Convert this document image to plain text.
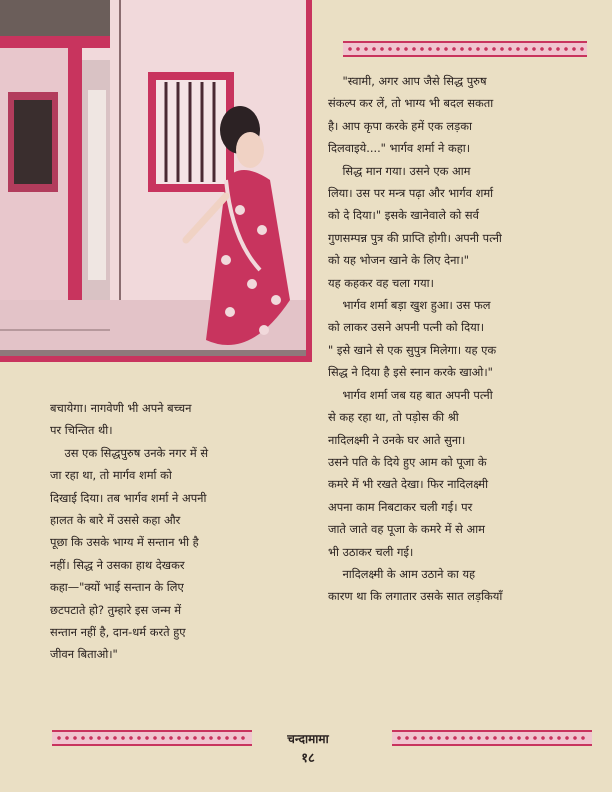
बचायेगा। नागवेणी भी अपने बच्चन

पर चिन्तित थी।

उस एक सिद्धपुरुष उनके नगर में से

जा रहा था, तो मार्गव शर्मा को

दिखाई दिया। तब भार्गव शर्मा ने अपनी

हालत के बारे में उससे कहा और

पूछा कि उसके भाग्य में सन्तान भी है

नहीं। सिद्ध ने उसका हाथ देखकर

कहा—"क्यों भाई सन्तान के लिए

छटपटाते हो? तुम्हारे इस जन्म में

सन्तान नहीं है, दान-धर्म करते हुए

जीवन बिताओ।"

"स्वामी, अगर आप जैसे सिद्ध पुरुष

संकल्प कर लें, तो भाग्य भी बदल सकता

है। आप कृपा करके हमें एक लड़का

दिलवाइये...." भार्गव शर्मा ने कहा।

सिद्ध मान गया। उसने एक आम

लिया। उस पर मन्त्र पढ़ा और भार्गव शर्मा

को दे दिया।" इसके खानेवाले को सर्व

गुणसम्पन्न पुत्र की प्राप्ति होगी। अपनी पत्नी

को यह भोजन खाने के लिए देना।"

यह कहकर वह चला गया।

भार्गव शर्मा बड़ा खुश हुआ। उस फल

को लाकर उसने अपनी पत्नी को दिया।

" इसे खाने से एक सुपुत्र मिलेगा। यह एक

सिद्ध ने दिया है इसे स्नान करके खाओ।"

भार्गव शर्मा जब यह बात अपनी पत्नी

से कह रहा था, तो पड़ोस की श्री

नादिलक्ष्मी ने उनके घर आते सुना।

उसने पति के दिये हुए आम को पूजा के

कमरे में भी रखते देखा। फिर नादिलक्ष्मी

अपना काम निबटाकर चली गई। पर

जाते जाते वह पूजा के कमरे में से आम

भी उठाकर चली गई।

नादिलक्ष्मी के आम उठाने का यह

कारण था कि लगातार उसके सात लड़कियाँ

चन्दामामा
१८
